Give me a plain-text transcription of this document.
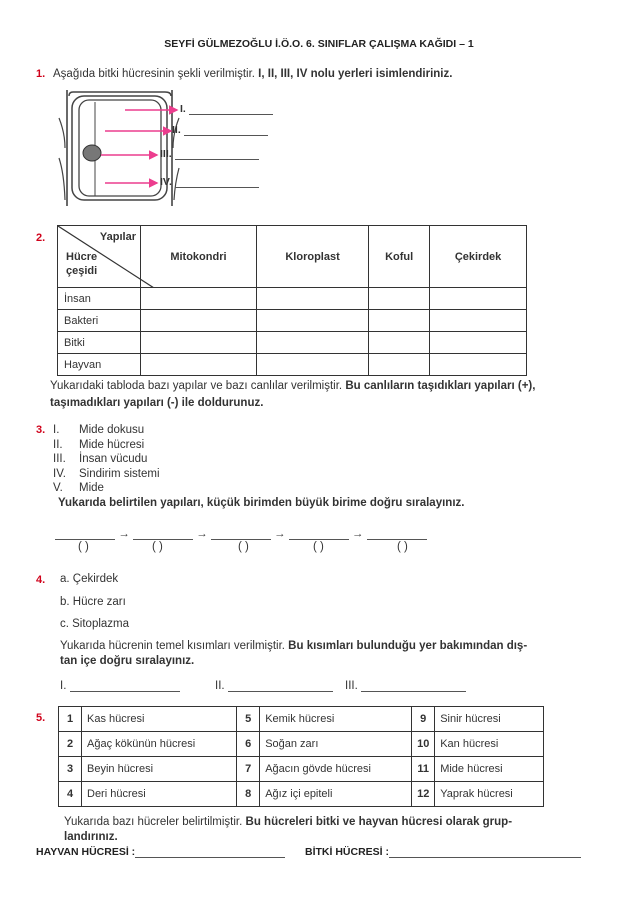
SEYFİ GÜLMEZOĞLU İ.Ö.O. 6. SINIFLAR ÇALIŞMA KAĞIDI – 1
1. Aşağıda bitki hücresinin şekli verilmiştir. I, II, III, IV nolu yerleri isimlendiriniz.
I.
II.
III.
IV.
2.	Yapılar
Hücre
çeşidi	Mitokondri	Kloroplast	Koful	Çekirdek
İnsan				
Bakteri				
Bitki				
Hayvan				
Yukarıdaki tabloda bazı yapılar ve bazı canlılar verilmiştir. Bu canlıların taşıdıkları yapıları (+), taşımadıkları yapıları (-) ile doldurunuz.
3. I. Mide dokusu
II. Mide hücresi
III. İnsan vücudu
IV. Sindirim sistemi
V. Mide
Yukarıda belirtilen yapıları, küçük birimden büyük birime doğru sıralayınız.
→	→	→	→
( )	( )	( )	( )	( )
4. a. Çekirdek
b. Hücre zarı
c. Sitoplazma
Yukarıda hücrenin temel kısımları verilmiştir. Bu kısımları bulunduğu yer bakımından dış-
tan içe doğru sıralayınız.
I.	II.	III.
5. 1	Kas hücresi	5	Kemik hücresi	9	Sinir hücresi
2	Ağaç kökünün hücresi	6	Soğan zarı	10	Kan hücresi
3	Beyin hücresi	7	Ağacın gövde hücresi	11	Mide hücresi
4	Deri hücresi	8	Ağız içi epiteli	12	Yaprak hücresi
Yukarıda bazı hücreler belirtilmiştir. Bu hücreleri bitki ve hayvan hücresi olarak grup-
landırınız.
HAYVAN HÜCRESİ :	BİTKİ HÜCRESİ :
